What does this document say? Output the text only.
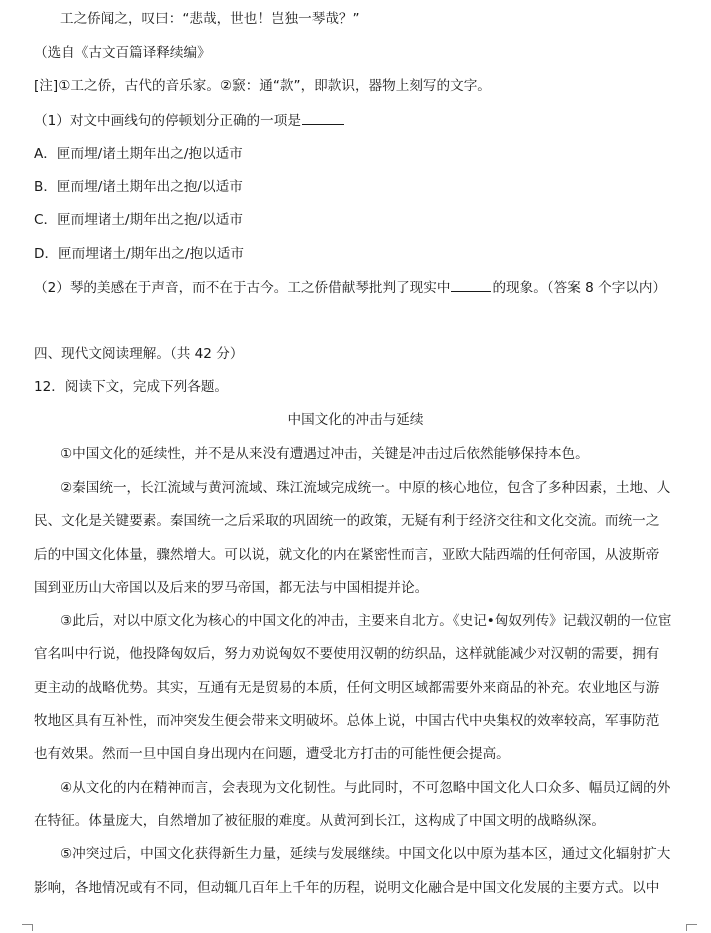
工之侨闻之，叹曰：“悲哉，世也！岂独一琴哉？”
（选自《古文百篇译释续编》
[注]①工之侨，古代的音乐家。②窾：通“款”，即款识，器物上刻写的文字。
（1）对文中画线句的停顿划分正确的一项是
A．匣而埋/诸土期年出之/抱以适市
B．匣而埋/诸土期年出之抱/以适市
C．匣而埋诸土/期年出之抱/以适市
D．匣而埋诸土/期年出之/抱以适市
（2）琴的美感在于声音，而不在于古今。工之侨借献琴批判了现实中	的现象。（答案 8 个字以内）
四、现代文阅读理解。（共 42 分）
12．阅读下文，完成下列各题。
中国文化的冲击与延续
①中国文化的延续性，并不是从来没有遭遇过冲击，关键是冲击过后依然能够保持本色。
②秦国统一，长江流域与黄河流域、珠江流域完成统一。中原的核心地位，包含了多种因素，土地、人
民、文化是关键要素。秦国统一之后采取的巩固统一的政策，无疑有利于经济交往和文化交流。而统一之
后的中国文化体量，骤然增大。可以说，就文化的内在紧密性而言，亚欧大陆西端的任何帝国，从波斯帝
国到亚历山大帝国以及后来的罗马帝国，都无法与中国相提并论。
③此后，对以中原文化为核心的中国文化的冲击，主要来自北方。《史记•匈奴列传》记载汉朝的一位宦
官名叫中行说，他投降匈奴后，努力劝说匈奴不要使用汉朝的纺织品，这样就能减少对汉朝的需要，拥有
更主动的战略优势。其实，互通有无是贸易的本质，任何文明区域都需要外来商品的补充。农业地区与游
牧地区具有互补性，而冲突发生便会带来文明破坏。总体上说，中国古代中央集权的效率较高，军事防范
也有效果。然而一旦中国自身出现内在问题，遭受北方打击的可能性便会提高。
④从文化的内在精神而言，会表现为文化韧性。与此同时，不可忽略中国文化人口众多、幅员辽阔的外
在特征。体量庞大，自然增加了被征服的难度。从黄河到长江，这构成了中国文明的战略纵深。
⑤冲突过后，中国文化获得新生力量，延续与发展继续。中国文化以中原为基本区，通过文化辐射扩大
影响，各地情况或有不同，但动辄几百年上千年的历程，说明文化融合是中国文化发展的主要方式。以中
